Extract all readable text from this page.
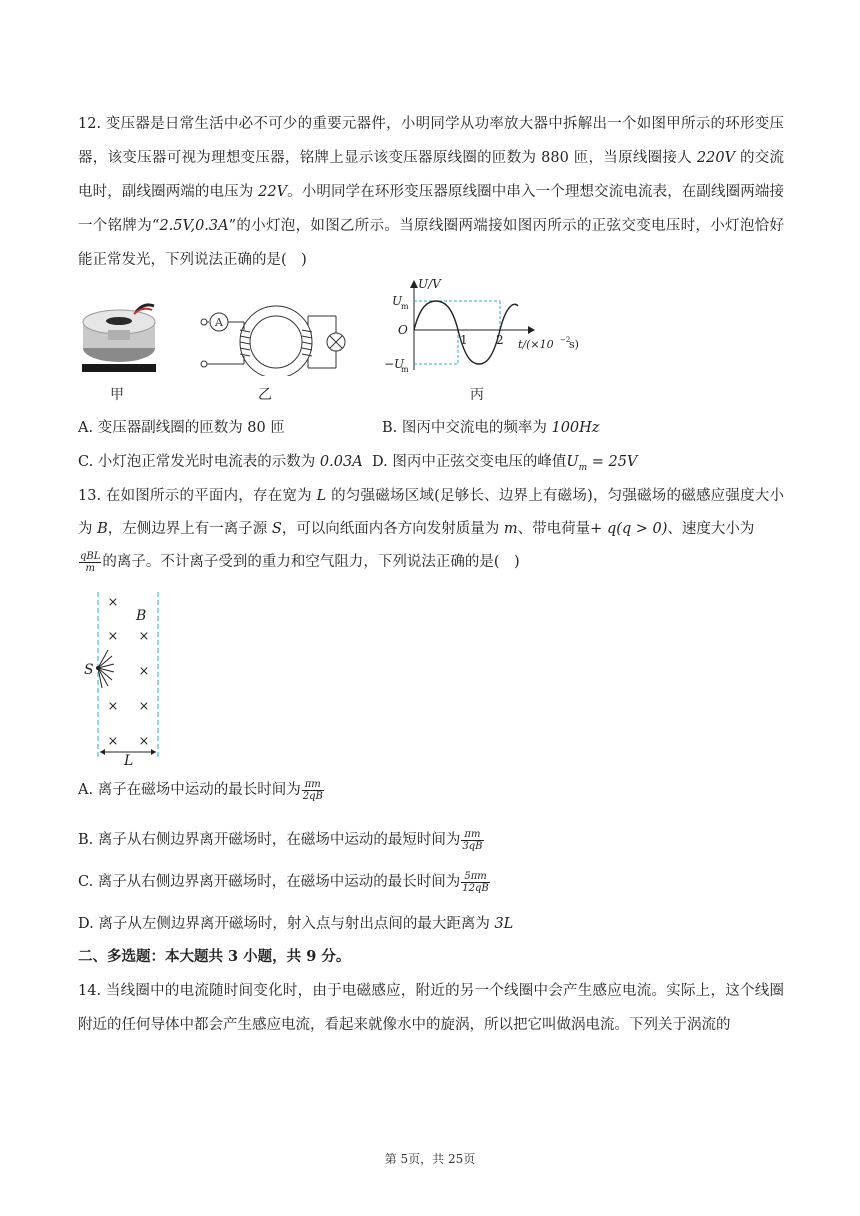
12. 变压器是日常生活中必不可少的重要元器件，小明同学从功率放大器中拆解出一个如图甲所示的环形变压器，该变压器可视为理想变压器，铭牌上显示该变压器原线圈的匝数为 880 匝，当原线圈接人 220V 的交流电时，副线圈两端的电压为 22V。小明同学在环形变压器原线圈中串入一个理想交流电流表，在副线圈两端接一个铭牌为“2.5V,0.3A”的小灯泡，如图乙所示。当原线圈两端接如图丙所示的正弦交变电压时，小灯泡恰好能正常发光，下列说法正确的是(　)
甲
A
乙
U/V
U
m
O
−U
m
1 2 t/(×10 −2
s)
丙
A. 变压器副线圈的匝数为 80 匝	B. 图丙中交流电的频率为 100Hz
C. 小灯泡正常发光时电流表的示数为 0.03A D. 图丙中正弦交变电压的峰值$U_m = 25V$
13. 在如图所示的平面内，存在宽为 L 的匀强磁场区域(足够长、边界上有磁场)，匀强磁场的磁感应强度大小为 B，左侧边界上有一离子源 S，可以向纸面内各方向发射质量为 m、带电荷量+ q(q > 0)、速度大小为

$\frac{\text{qBL}}{m}$ 的离子。不计离子受到的重力和空气阻力，下列说法正确的是(　)
×
× ×
×
× ×
× ×
B
S
L
A. 离子在磁场中运动的最长时间为 $\frac{\pi m}{2qB}$
B. 离子从右侧边界离开磁场时，在磁场中运动的最短时间为 $\frac{\pi m}{3qB}$
C. 离子从右侧边界离开磁场时，在磁场中运动的最长时间为 $\frac{5\pi m}{12qB}$
D. 离子从左侧边界离开磁场时，射入点与射出点间的最大距离为 3L
二、多选题：本大题共 3 小题，共 9 分。
14. 当线圈中的电流随时间变化时，由于电磁感应，附近的另一个线圈中会产生感应电流。实际上，这个线圈附近的任何导体中都会产生感应电流，看起来就像水中的旋涡，所以把它叫做涡电流。下列关于涡流的
第 5页，共 25页
